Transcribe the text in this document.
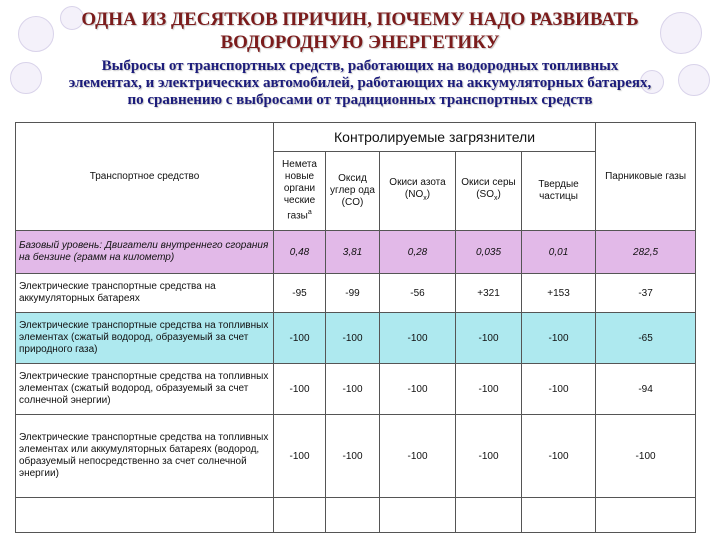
ОДНА ИЗ ДЕСЯТКОВ ПРИЧИН, ПОЧЕМУ НАДО РАЗВИВАТЬ
ВОДОРОДНУЮ ЭНЕРГЕТИКУ
Выбросы от транспортных средств, работающих на водородных топливных
элементах, и электрических автомобилей, работающих на аккумуляторных батареях,
по сравнению с выбросами от традиционных транспортных средств
Транспортное средство	Контролируемые загрязнители					Парниковые газы
	Немета новые органи ческие газы$^a$	Оксид углер ода (CO)	Окиси азота $(NO_x)$	Окиси серы $(SO_x)$	Твердые частицы	
Базовый уровень: Двигатели внутреннего сгорания на бензине (грамм на километр)	0,48	3,81	0,28	0,035	0,01	282,5
Электрические транспортные средства на аккумуляторных батареях	-95	-99	-56	+321	+153	-37
Электрические транспортные средства на топливных элементах (сжатый водород, образуемый за счет природного газа)	-100	-100	-100	-100	-100	-65
Электрические транспортные средства на топливных элементах (сжатый водород, образуемый за счет солнечной энергии)	-100	-100	-100	-100	-100	-94
Электрические транспортные средства на топливных элементах или аккумуляторных батареях (водород, образуемый непосредственно за счет солнечной энергии)	-100	-100	-100	-100	-100	-100
